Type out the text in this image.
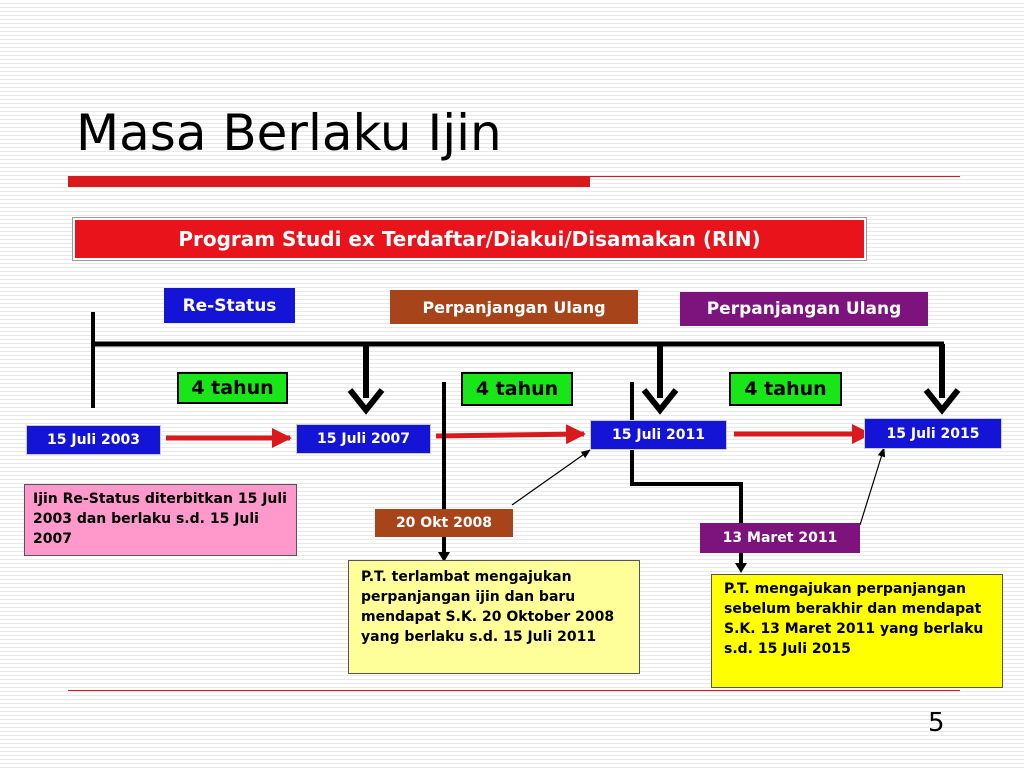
Masa Berlaku Ijin
Program Studi ex Terdaftar/Diakui/Disamakan (RIN)
Re-Status	Perpanjangan Ulang	Perpanjangan Ulang
4 tahun	4 tahun	4 tahun
15 Juli 2003	15 Juli 2007	15 Juli 2011	15 Juli 2015
20 Okt 2008
13 Maret 2011
Ijin Re-Status diterbitkan 15 Juli 2003 dan berlaku s.d. 15 Juli 2007
P.T. terlambat mengajukan perpanjangan ijin dan baru mendapat S.K. 20 Oktober 2008 yang berlaku s.d. 15 Juli 2011
P.T. mengajukan perpanjangan sebelum berakhir dan mendapat S.K. 13 Maret 2011 yang berlaku s.d. 15 Juli 2015
5
